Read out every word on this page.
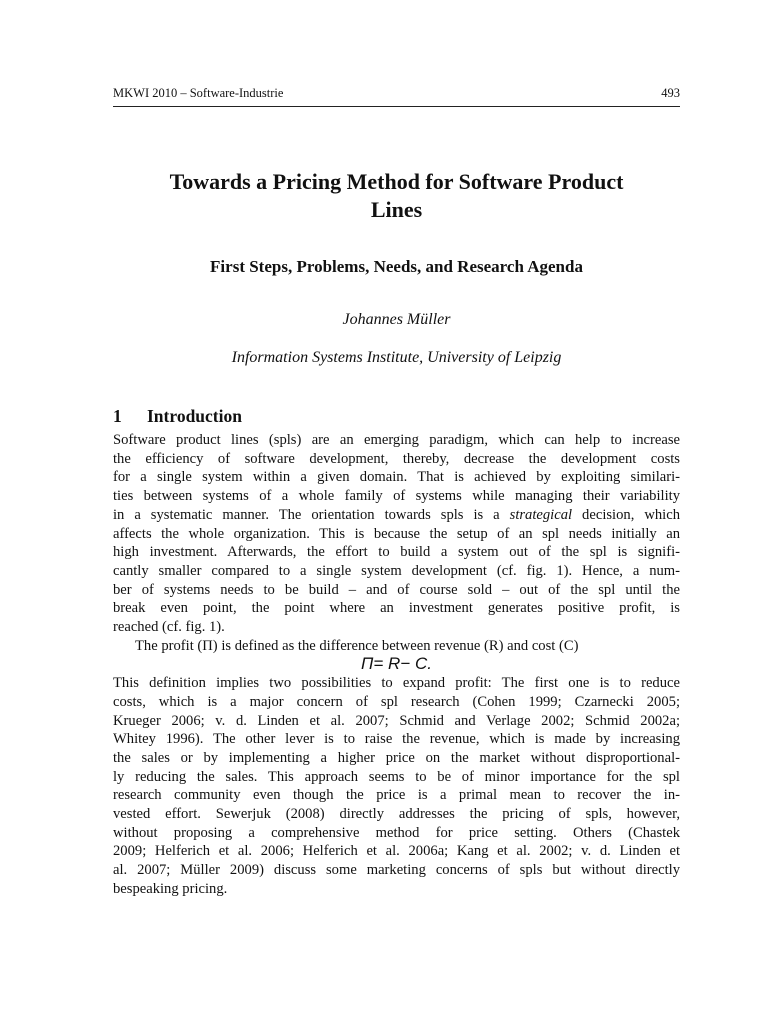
MKWI 2010 – Software-Industrie	493
Towards a Pricing Method for Software Product
Lines
First Steps, Problems, Needs, and Research Agenda
Johannes Müller
Information Systems Institute, University of Leipzig
1 Introduction
Software product lines (spls) are an emerging paradigm, which can help to increase
the efficiency of software development, thereby, decrease the development costs
for a single system within a given domain. That is achieved by exploiting similari-
ties between systems of a whole family of systems while managing their variability
in a systematic manner. The orientation towards spls is a strategical decision, which
affects the whole organization. This is because the setup of an spl needs initially an
high investment. Afterwards, the effort to build a system out of the spl is signifi-
cantly smaller compared to a single system development (cf. fig. 1). Hence, a num-
ber of systems needs to be build – and of course sold – out of the spl until the
break even point, the point where an investment generates positive profit, is
reached (cf. fig. 1).
The profit (Π) is defined as the difference between revenue (R) and cost (C)
Π= R− C.
This definition implies two possibilities to expand profit: The first one is to reduce
costs, which is a major concern of spl research (Cohen 1999; Czarnecki 2005;
Krueger 2006; v. d. Linden et al. 2007; Schmid and Verlage 2002; Schmid 2002a;
Whitey 1996). The other lever is to raise the revenue, which is made by increasing
the sales or by implementing a higher price on the market without disproportional-
ly reducing the sales. This approach seems to be of minor importance for the spl
research community even though the price is a primal mean to recover the in-
vested effort. Sewerjuk (2008) directly addresses the pricing of spls, however,
without proposing a comprehensive method for price setting. Others (Chastek
2009; Helferich et al. 2006; Helferich et al. 2006a; Kang et al. 2002; v. d. Linden et
al. 2007; Müller 2009) discuss some marketing concerns of spls but without directly
bespeaking pricing.
